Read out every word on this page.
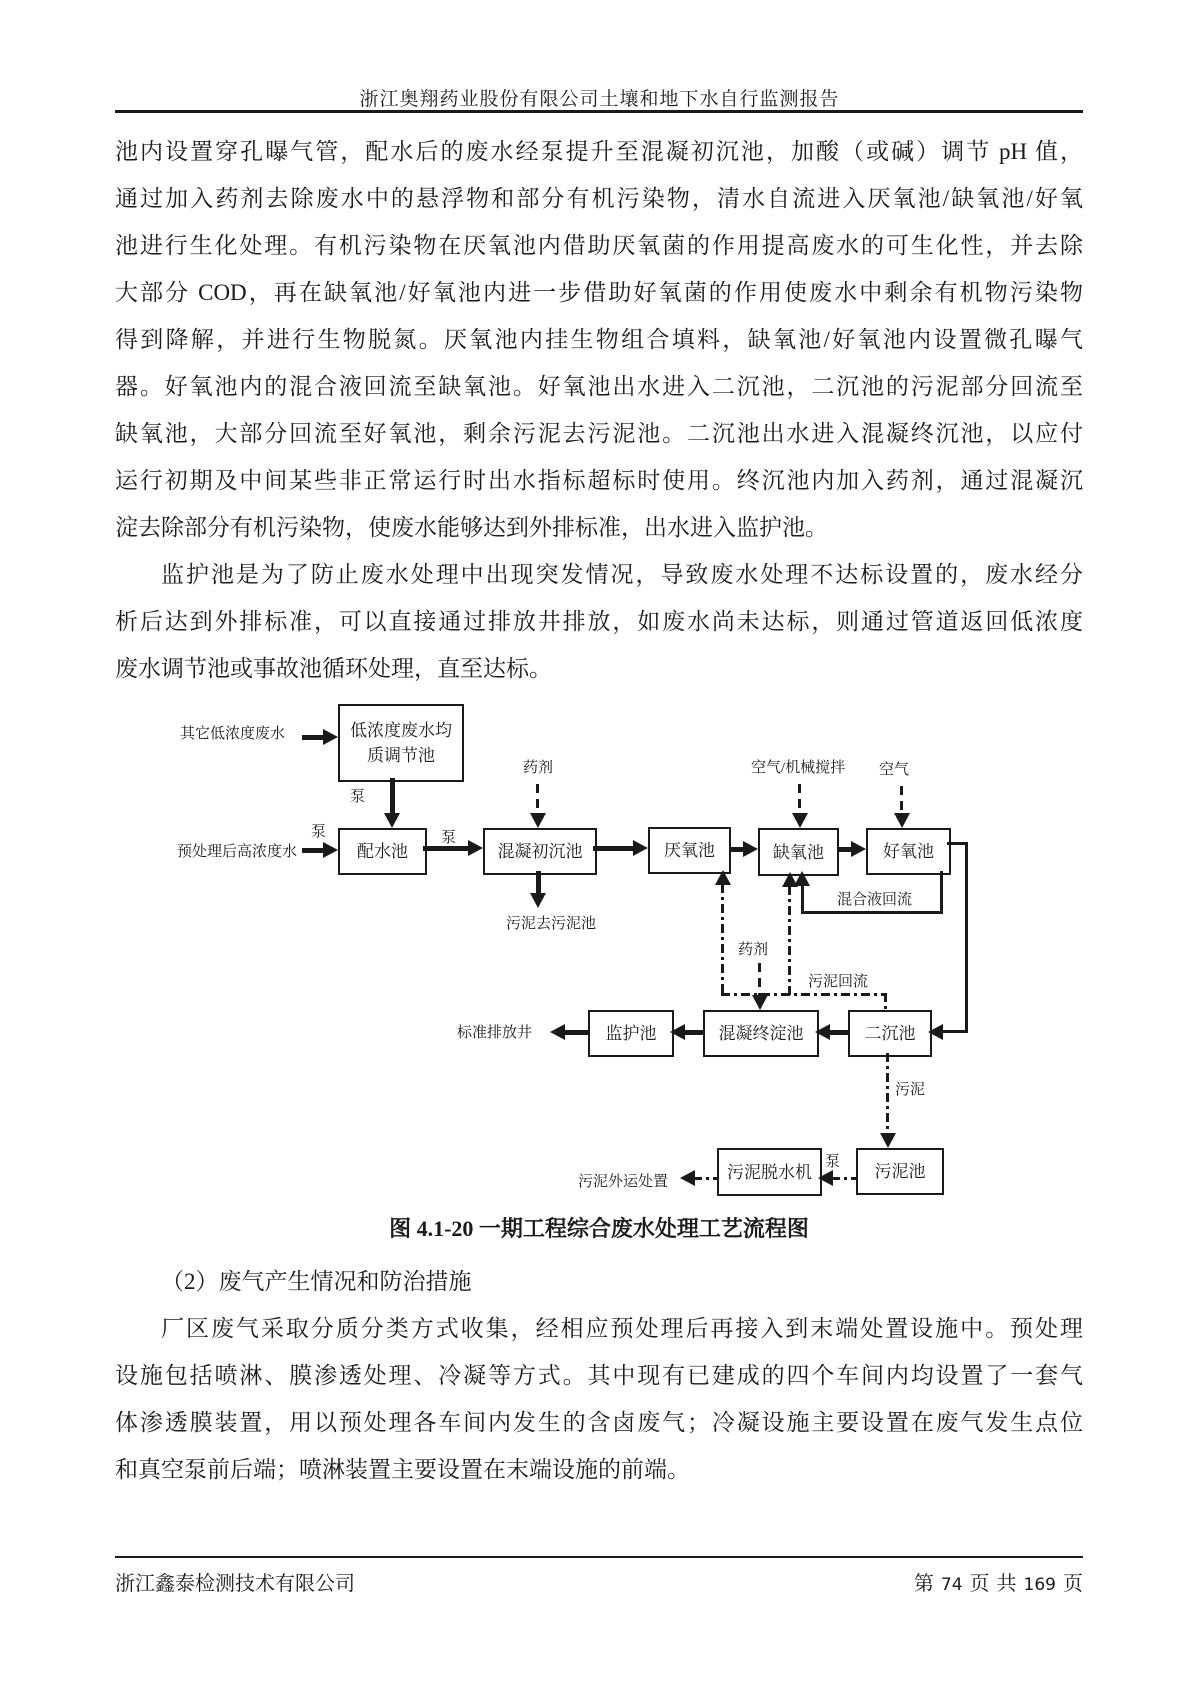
浙江奥翔药业股份有限公司土壤和地下水自行监测报告
池内设置穿孔曝气管，配水后的废水经泵提升至混凝初沉池，加酸（或碱）调节 pH 值，
通过加入药剂去除废水中的悬浮物和部分有机污染物，清水自流进入厌氧池/缺氧池/好氧
池进行生化处理。有机污染物在厌氧池内借助厌氧菌的作用提高废水的可生化性，并去除
大部分 COD，再在缺氧池/好氧池内进一步借助好氧菌的作用使废水中剩余有机物污染物
得到降解，并进行生物脱氮。厌氧池内挂生物组合填料，缺氧池/好氧池内设置微孔曝气
器。好氧池内的混合液回流至缺氧池。好氧池出水进入二沉池，二沉池的污泥部分回流至
缺氧池，大部分回流至好氧池，剩余污泥去污泥池。二沉池出水进入混凝终沉池，以应付
运行初期及中间某些非正常运行时出水指标超标时使用。终沉池内加入药剂，通过混凝沉
淀去除部分有机污染物，使废水能够达到外排标准，出水进入监护池。
监护池是为了防止废水处理中出现突发情况，导致废水处理不达标设置的，废水经分
析后达到外排标准，可以直接通过排放井排放，如废水尚未达标，则通过管道返回低浓度
废水调节池或事故池循环处理，直至达标。
低浓度废水均质调节池
配水池	混凝初沉池	厌氧池	缺氧池	好氧池
监护池	混凝终淀池	二沉池
污泥池
污泥脱水机
其它低浓度废水
预处理后高浓度水
泵
泵	泵
药剂	空气/机械搅拌 空气
污泥去污泥池
混合液回流
药剂
污泥回流
标准排放井
污泥
泵
污泥外运处置
图 4.1-20 一期工程综合废水处理工艺流程图
（2）废气产生情况和防治措施
厂区废气采取分质分类方式收集，经相应预处理后再接入到末端处置设施中。预处理
设施包括喷淋、膜渗透处理、冷凝等方式。其中现有已建成的四个车间内均设置了一套气
体渗透膜装置，用以预处理各车间内发生的含卤废气；冷凝设施主要设置在废气发生点位
和真空泵前后端；喷淋装置主要设置在末端设施的前端。
浙江鑫泰检测技术有限公司	第 74 页 共 169 页
